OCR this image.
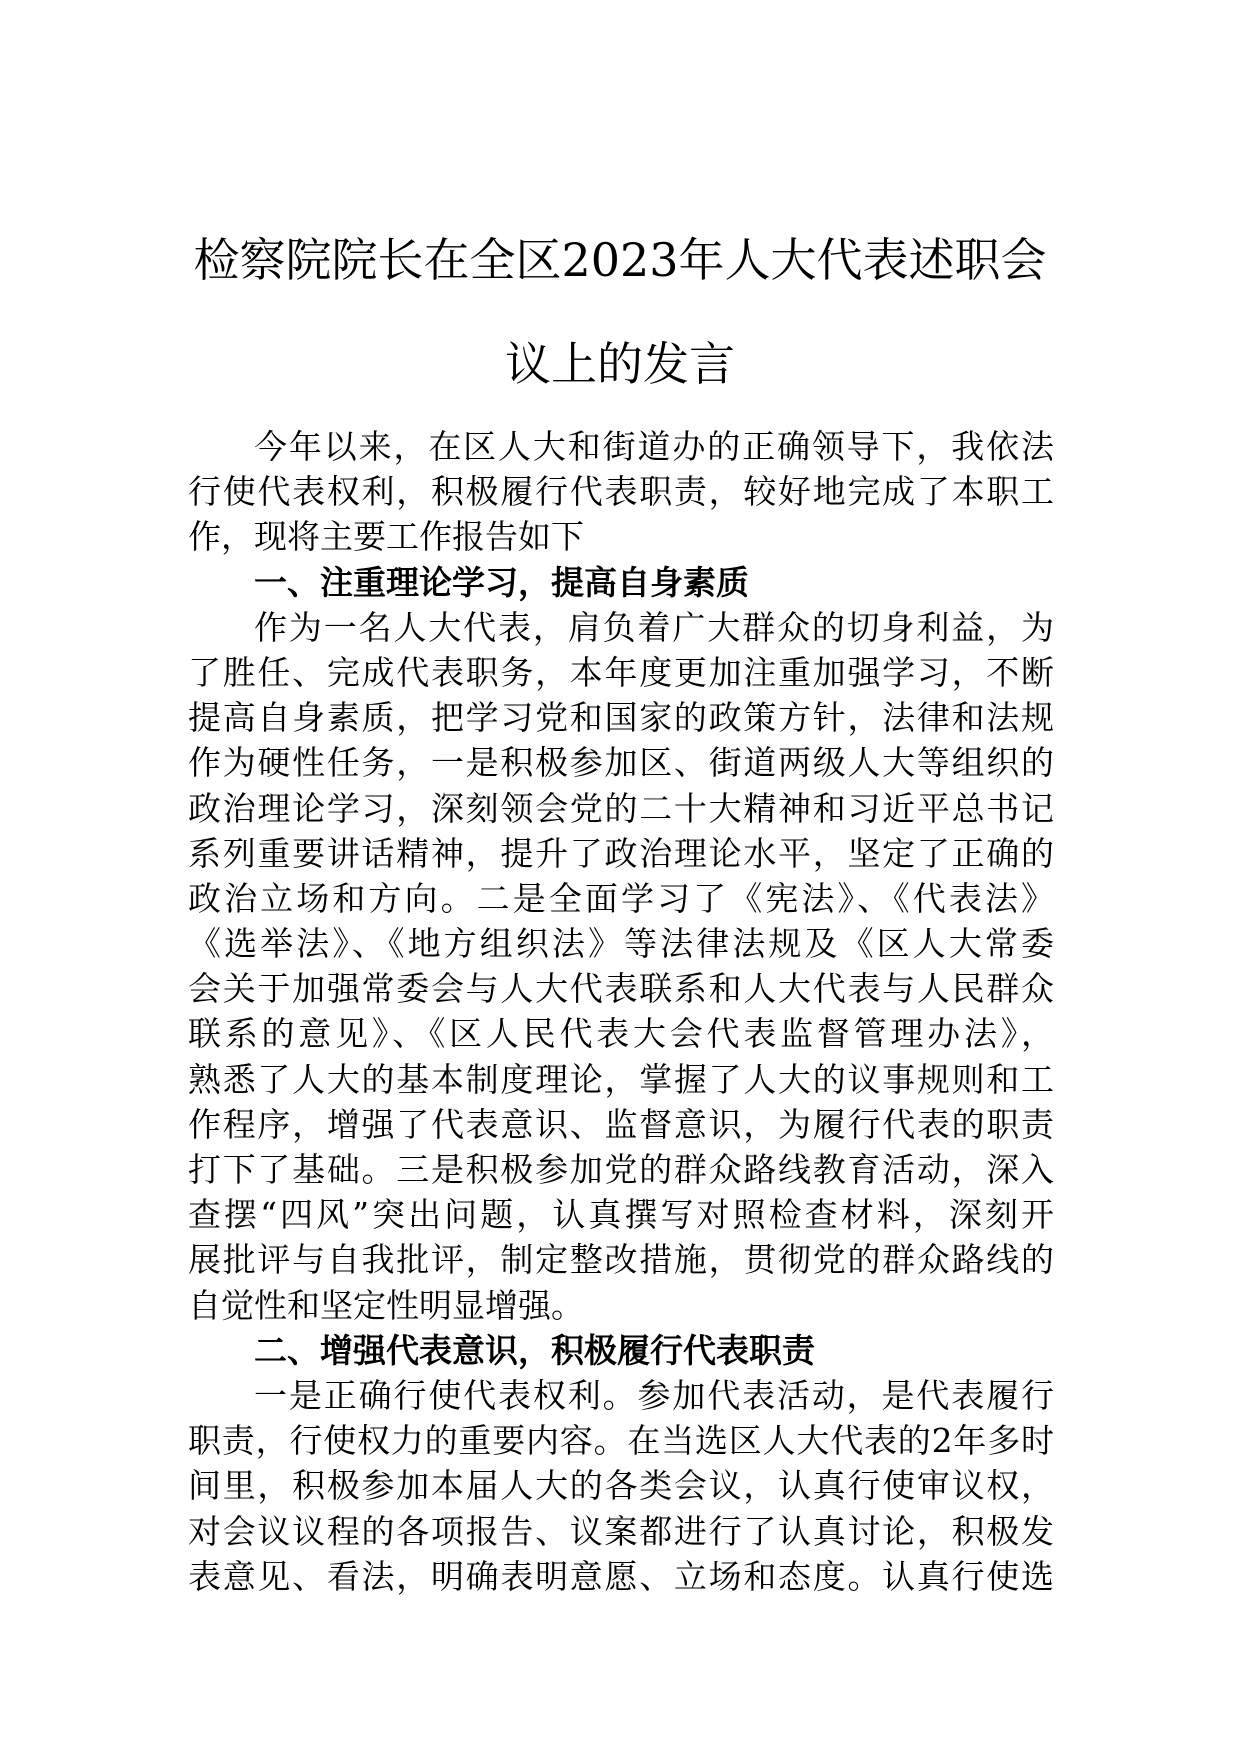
检察院院长在全区2023年人大代表述职会
议上的发言
今年以来，在区人大和街道办的正确领导下，我依法
行使代表权利，积极履行代表职责，较好地完成了本职工
作，现将主要工作报告如下
一、注重理论学习，提高自身素质
作为一名人大代表，肩负着广大群众的切身利益，为
了胜任、完成代表职务，本年度更加注重加强学习，不断
提高自身素质，把学习党和国家的政策方针，法律和法规
作为硬性任务，一是积极参加区、街道两级人大等组织的
政治理论学习，深刻领会党的二十大精神和习近平总书记
系列重要讲话精神，提升了政治理论水平，坚定了正确的
政治立场和方向。二是全面学习了《宪法》、《代表法》
《选举法》、《地方组织法》等法律法规及《区人大常委
会关于加强常委会与人大代表联系和人大代表与人民群众
联系的意见》、《区人民代表大会代表监督管理办法》，
熟悉了人大的基本制度理论，掌握了人大的议事规则和工
作程序，增强了代表意识、监督意识，为履行代表的职责
打下了基础。三是积极参加党的群众路线教育活动，深入
查摆“四风”突出问题，认真撰写对照检查材料，深刻开
展批评与自我批评，制定整改措施，贯彻党的群众路线的
自觉性和坚定性明显增强。
二、增强代表意识，积极履行代表职责
一是正确行使代表权利。参加代表活动，是代表履行
职责，行使权力的重要内容。在当选区人大代表的2年多时
间里，积极参加本届人大的各类会议，认真行使审议权，
对会议议程的各项报告、议案都进行了认真讨论，积极发
表意见、看法，明确表明意愿、立场和态度。认真行使选
